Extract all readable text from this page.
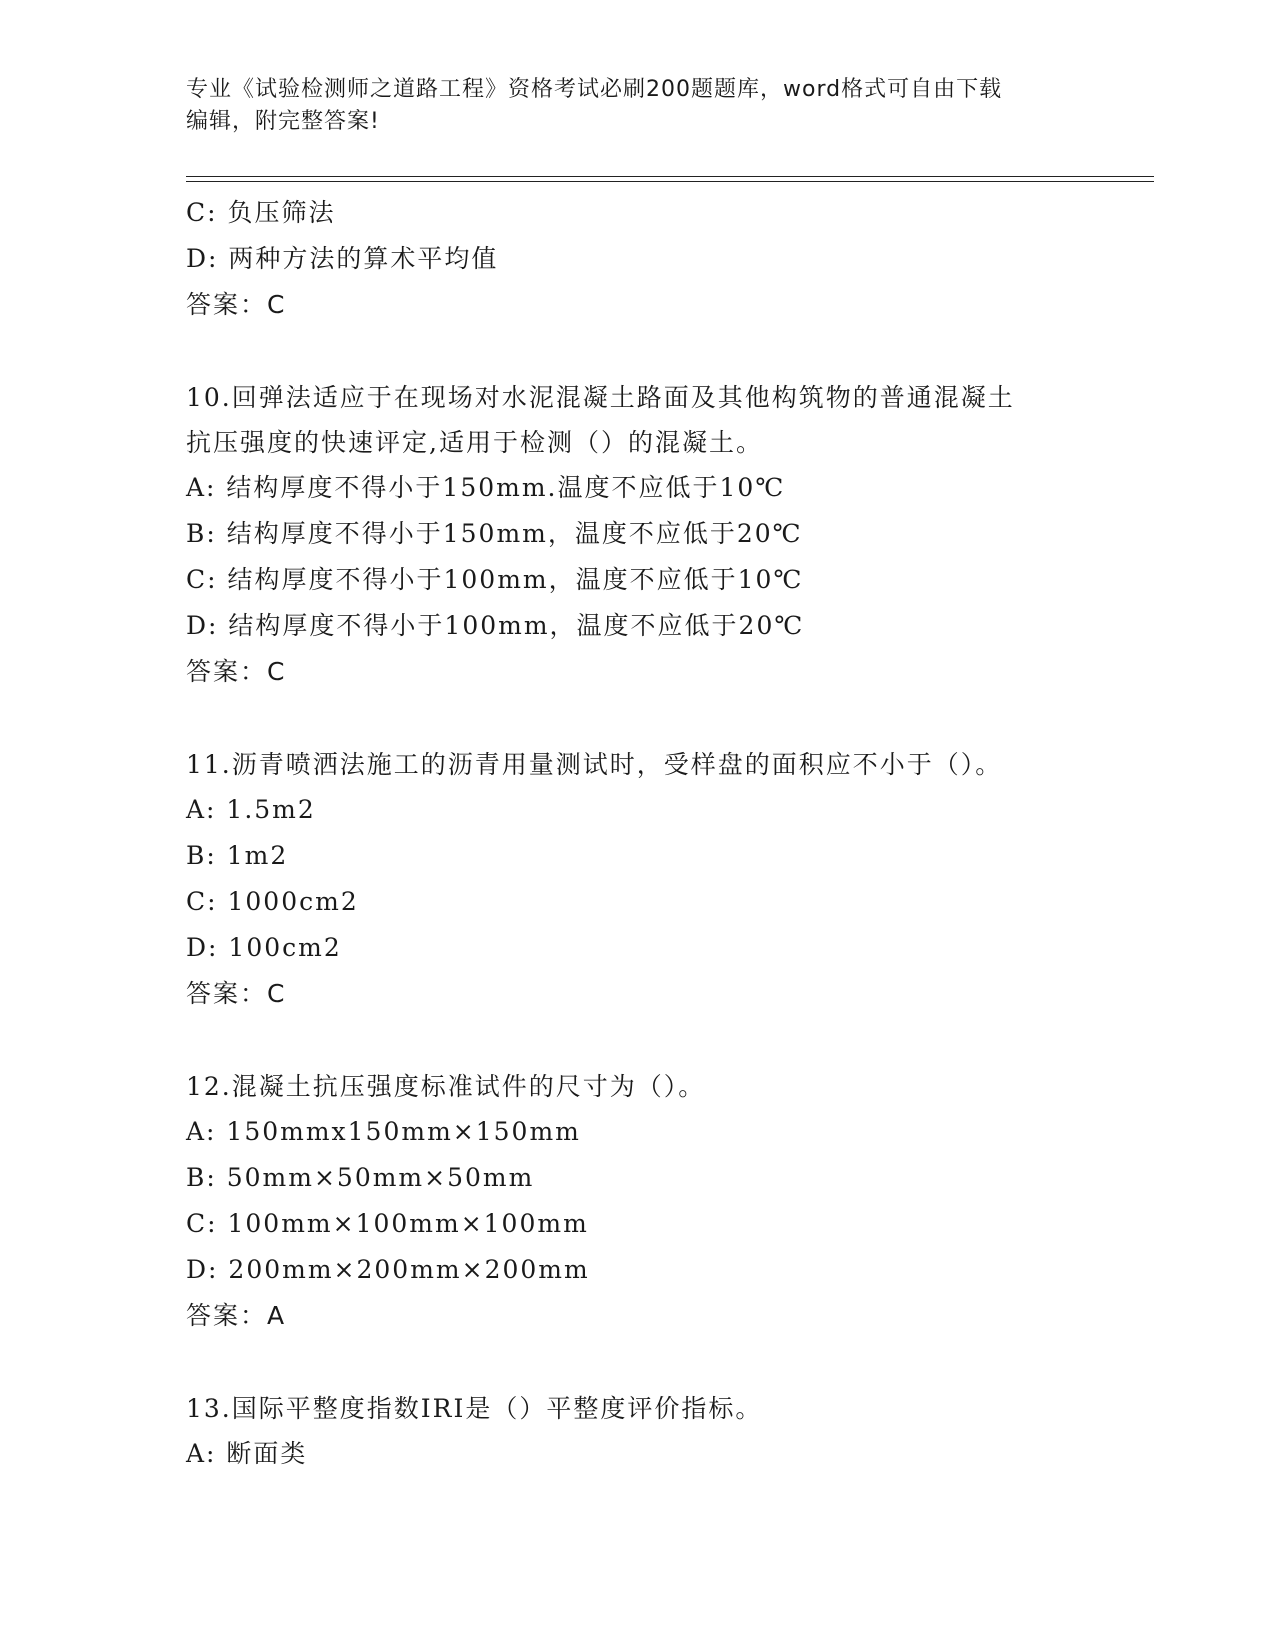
专业《试验检测师之道路工程》资格考试必刷200题题库，word格式可自由下载
编辑，附完整答案!
C: 负压筛法
D: 两种方法的算术平均值
答案：C
10.回弹法适应于在现场对水泥混凝土路面及其他构筑物的普通混凝土
抗压强度的快速评定,适用于检测（）的混凝土。
A: 结构厚度不得小于150mm.温度不应低于10℃
B: 结构厚度不得小于150mm，温度不应低于20℃
C: 结构厚度不得小于100mm，温度不应低于10℃
D: 结构厚度不得小于100mm，温度不应低于20℃
答案：C
11.沥青喷洒法施工的沥青用量测试时，受样盘的面积应不小于（）。
A: 1.5m2
B: 1m2
C: 1000cm2
D: 100cm2
答案：C
12.混凝土抗压强度标准试件的尺寸为（）。
A: 150mmx150mm×150mm
B: 50mm×50mm×50mm
C: 100mm×100mm×100mm
D: 200mm×200mm×200mm
答案：A
13.国际平整度指数IRI是（）平整度评价指标。
A: 断面类
